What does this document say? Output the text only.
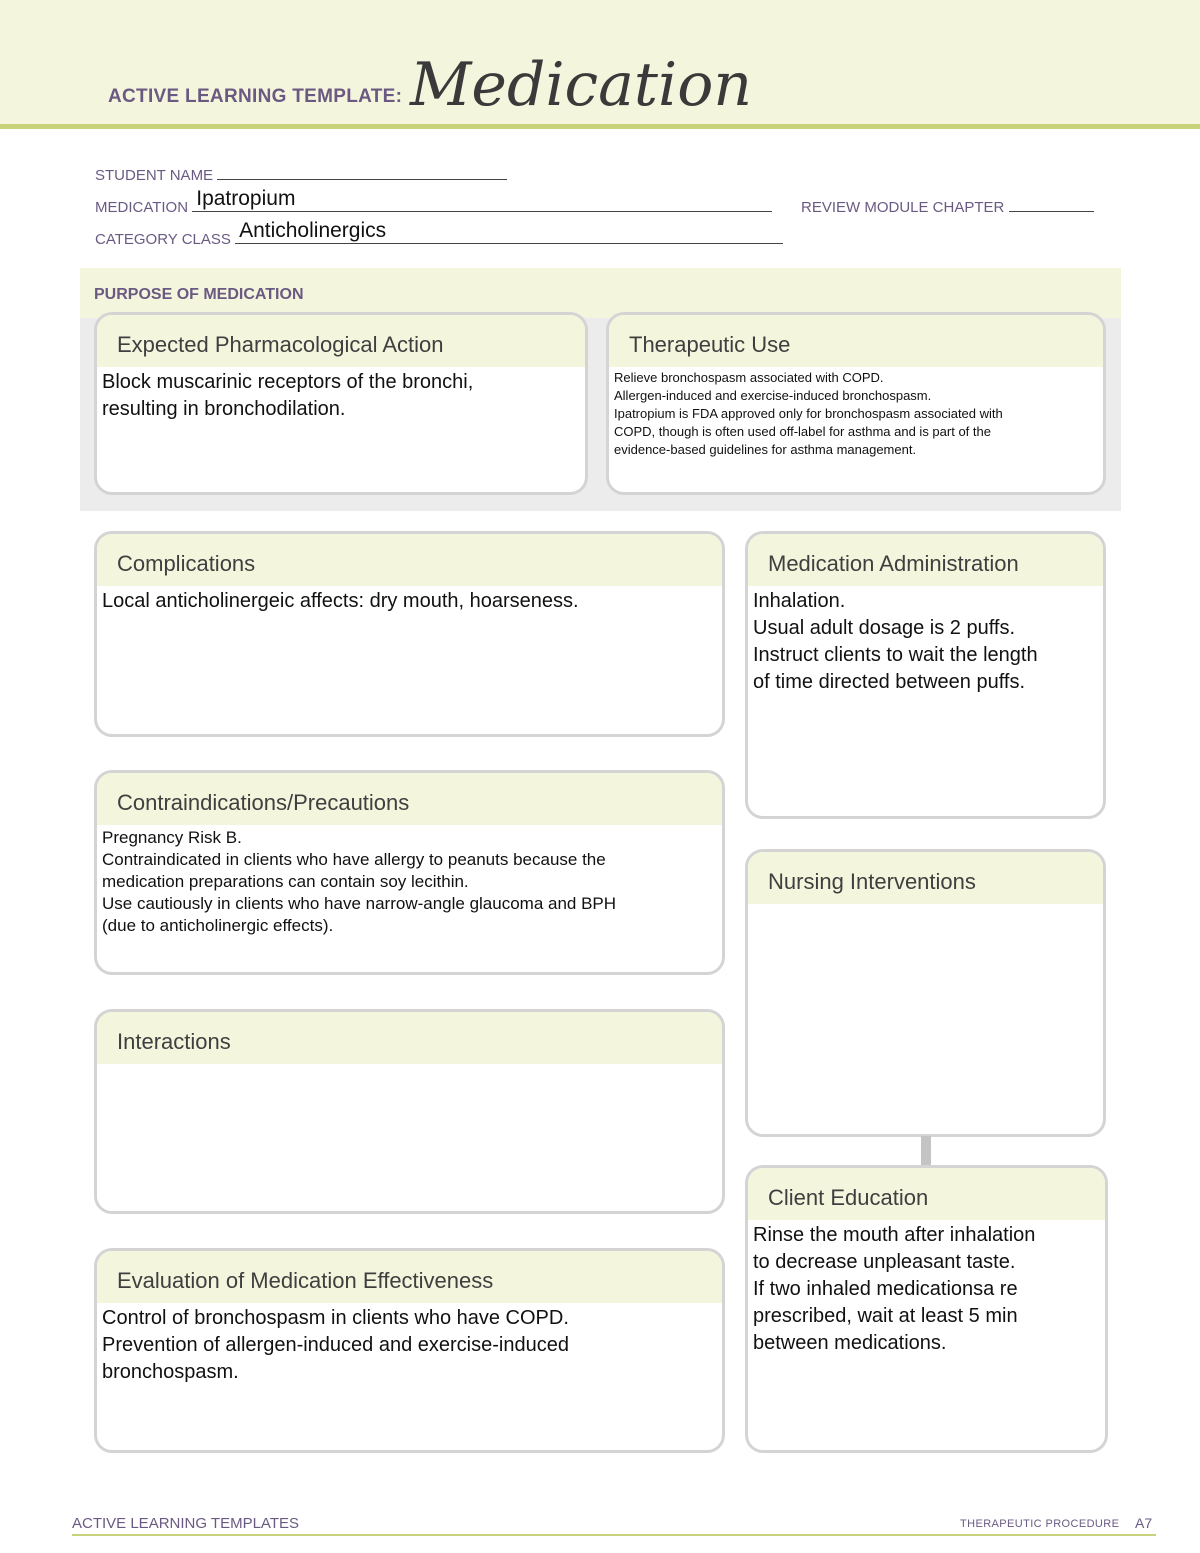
ACTIVE LEARNING TEMPLATE: Medication
STUDENT NAME
MEDICATION Ipatropium	REVIEW MODULE CHAPTER
CATEGORY CLASS Anticholinergics
PURPOSE OF MEDICATION
Expected Pharmacological Action
Block muscarinic receptors of the bronchi,
resulting in bronchodilation.
Therapeutic Use
Relieve bronchospasm associated with COPD.
Allergen-induced and exercise-induced bronchospasm.
Ipatropium is FDA approved only for bronchospasm associated with
COPD, though is often used off-label for asthma and is part of the
evidence-based guidelines for asthma management.
Complications
Local anticholinergeic affects: dry mouth, hoarseness.
Contraindications/Precautions
Pregnancy Risk B.
Contraindicated in clients who have allergy to peanuts because the
medication preparations can contain soy lecithin.
Use cautiously in clients who have narrow-angle glaucoma and BPH
(due to anticholinergic effects).
Interactions
Evaluation of Medication Effectiveness
Control of bronchospasm in clients who have COPD.
Prevention of allergen-induced and exercise-induced
bronchospasm.
Medication Administration
Inhalation.
Usual adult dosage is 2 puffs.
Instruct clients to wait the length
of time directed between puffs.
Nursing Interventions
Client Education
Rinse the mouth after inhalation
to decrease unpleasant taste.
If two inhaled medicationsa re
prescribed, wait at least 5 min
between medications.
ACTIVE LEARNING TEMPLATES	THERAPEUTIC PROCEDURE A7
